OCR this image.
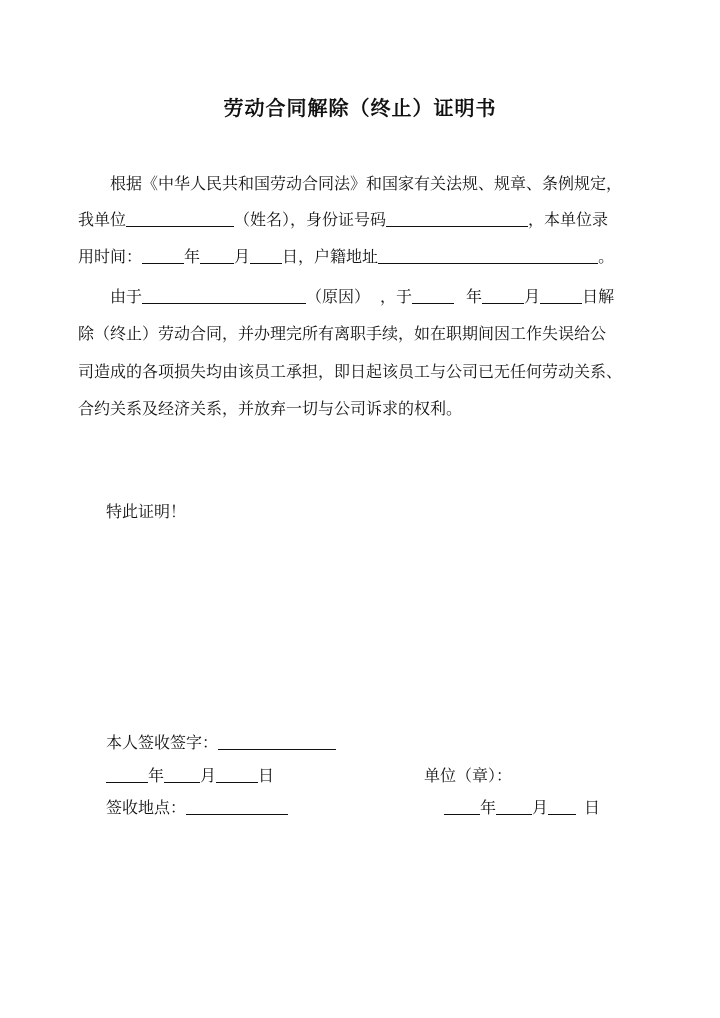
劳动合同解除（终止）证明书
根据《中华人民共和国劳动合同法》和国家有关法规、规章、条例规定，
我单位	（姓名），身份证号码	，本单位录
用时间：	年 月 日，户籍地址	。
由于	（原因） ，于	年	月	日解
除（终止）劳动合同，并办理完所有离职手续，如在职期间因工作失误给公
司造成的各项损失均由该员工承担，即日起该员工与公司已无任何劳动关系、
合约关系及经济关系，并放弃一切与公司诉求的权利。
特此证明！
本人签收签字：
年 月	日	单位（章）：
签收地点：	年 月 日
